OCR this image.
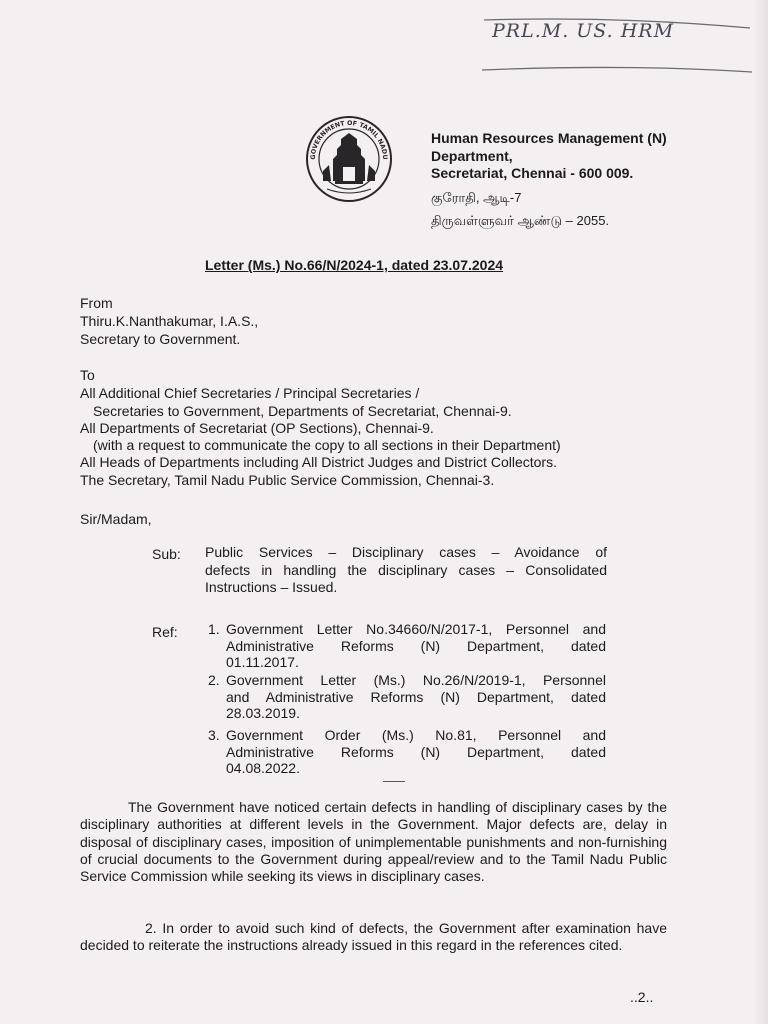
PRL.M. US. HRM
GOVERNMENT OF TAMIL NADU
Human Resources Management (N)
Department,
Secretariat, Chennai - 600 009.
குரோதி, ஆடி-7
திருவள்ளுவர் ஆண்டு – 2055.
Letter (Ms.) No.66/N/2024-1, dated 23.07.2024
From
Thiru.K.Nanthakumar, I.A.S.,
Secretary to Government.
To
All Additional Chief Secretaries / Principal Secretaries /
Secretaries to Government, Departments of Secretariat, Chennai-9.
All Departments of Secretariat (OP Sections), Chennai-9.
(with a request to communicate the copy to all sections in their Department)
All Heads of Departments including All District Judges and District Collectors.
The Secretary, Tamil Nadu Public Service Commission, Chennai-3.
Sir/Madam,
Sub: Public Services – Disciplinary cases – Avoidance of
defects in handling the disciplinary cases – Consolidated
Instructions – Issued.
Ref: 1. Government Letter No.34660/N/2017-1, Personnel and
Administrative Reforms (N) Department, dated
01.11.2017.
2. Government Letter (Ms.) No.26/N/2019-1, Personnel
and Administrative Reforms (N) Department, dated
28.03.2019.
3. Government Order (Ms.) No.81, Personnel and
Administrative Reforms (N) Department, dated
04.08.2022.
The Government have noticed certain defects in handling of disciplinary cases by the disciplinary authorities at different levels in the Government. Major defects are, delay in disposal of disciplinary cases, imposition of unimplementable punishments and non-furnishing of crucial documents to the Government during appeal/review and to the Tamil Nadu Public Service Commission while seeking its views in disciplinary cases.
2. In order to avoid such kind of defects, the Government after examination have decided to reiterate the instructions already issued in this regard in the references cited.
..2..
